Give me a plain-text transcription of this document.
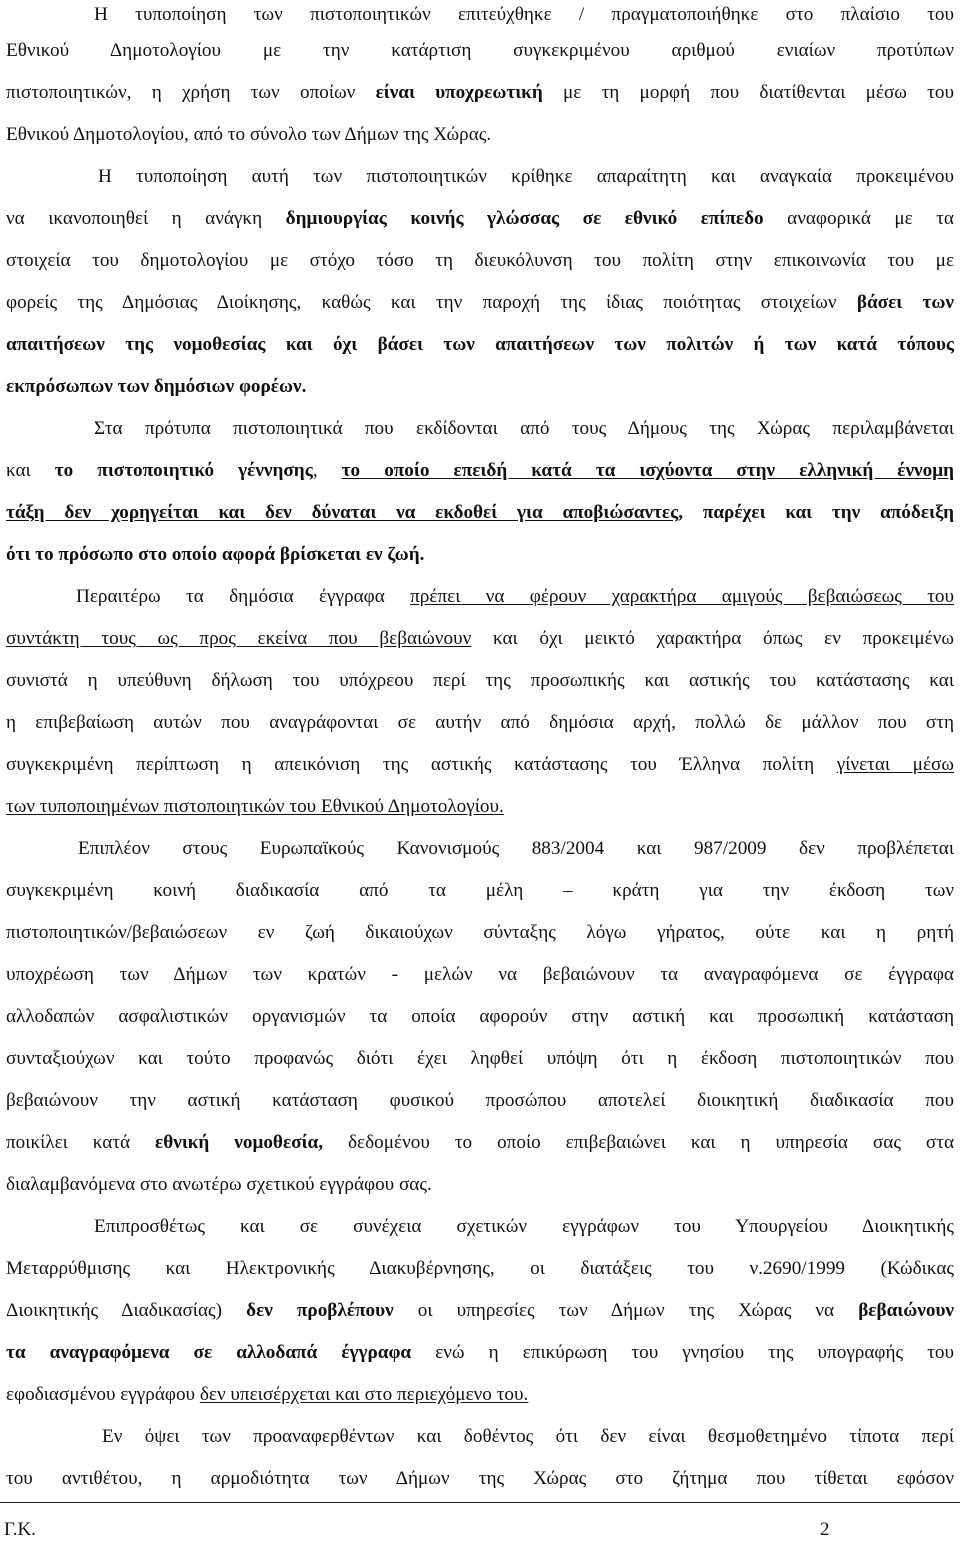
Η τυποποίηση των πιστοποιητικών επιτεύχθηκε / πραγματοποιήθηκε στο πλαίσιο του
Εθνικού Δημοτολογίου με την κατάρτιση συγκεκριμένου αριθμού ενιαίων προτύπων
πιστοποιητικών, η χρήση των οποίων είναι υποχρεωτική με τη μορφή που διατίθενται μέσω του
Εθνικού Δημοτολογίου, από το σύνολο των Δήμων της Χώρας.
Η τυποποίηση αυτή των πιστοποιητικών κρίθηκε απαραίτητη και αναγκαία προκειμένου
να ικανοποιηθεί η ανάγκη δημιουργίας κοινής γλώσσας σε εθνικό επίπεδο αναφορικά με τα
στοιχεία του δημοτολογίου με στόχο τόσο τη διευκόλυνση του πολίτη στην επικοινωνία του με
φορείς της Δημόσιας Διοίκησης, καθώς και την παροχή της ίδιας ποιότητας στοιχείων βάσει των
απαιτήσεων της νομοθεσίας και όχι βάσει των απαιτήσεων των πολιτών ή των κατά τόπους
εκπρόσωπων των δημόσιων φορέων.
Στα πρότυπα πιστοποιητικά που εκδίδονται από τους Δήμους της Χώρας περιλαμβάνεται
και το πιστοποιητικό γέννησης, το οποίο επειδή κατά τα ισχύοντα στην ελληνική έννομη
τάξη δεν χορηγείται και δεν δύναται να εκδοθεί για αποβιώσαντες, παρέχει και την απόδειξη
ότι το πρόσωπο στο οποίο αφορά βρίσκεται εν ζωή.
Περαιτέρω τα δημόσια έγγραφα πρέπει να φέρουν χαρακτήρα αμιγούς βεβαιώσεως του
συντάκτη τους ως προς εκείνα που βεβαιώνουν και όχι μεικτό χαρακτήρα όπως εν προκειμένω
συνιστά η υπεύθυνη δήλωση του υπόχρεου περί της προσωπικής και αστικής του κατάστασης και
η επιβεβαίωση αυτών που αναγράφονται σε αυτήν από δημόσια αρχή, πολλώ δε μάλλον που στη
συγκεκριμένη περίπτωση η απεικόνιση της αστικής κατάστασης του Έλληνα πολίτη γίνεται μέσω
των τυποποιημένων πιστοποιητικών του Εθνικού Δημοτολογίου.
Επιπλέον στους Ευρωπαϊκούς Κανονισμούς 883/2004 και 987/2009 δεν προβλέπεται
συγκεκριμένη κοινή διαδικασία από τα μέλη – κράτη για την έκδοση των
πιστοποιητικών/βεβαιώσεων εν ζωή δικαιούχων σύνταξης λόγω γήρατος, ούτε και η ρητή
υποχρέωση των Δήμων των κρατών - μελών να βεβαιώνουν τα αναγραφόμενα σε έγγραφα
αλλοδαπών ασφαλιστικών οργανισμών τα οποία αφορούν στην αστική και προσωπική κατάσταση
συνταξιούχων και τούτο προφανώς διότι έχει ληφθεί υπόψη ότι η έκδοση πιστοποιητικών που
βεβαιώνουν την αστική κατάσταση φυσικού προσώπου αποτελεί διοικητική διαδικασία που
ποικίλει κατά εθνική νομοθεσία, δεδομένου το οποίο επιβεβαιώνει και η υπηρεσία σας στα
διαλαμβανόμενα στο ανωτέρω σχετικού εγγράφου σας.
Επιπροσθέτως και σε συνέχεια σχετικών εγγράφων του Υπουργείου Διοικητικής
Μεταρρύθμισης και Ηλεκτρονικής Διακυβέρνησης, οι διατάξεις του ν.2690/1999 (Κώδικας
Διοικητικής Διαδικασίας) δεν προβλέπουν οι υπηρεσίες των Δήμων της Χώρας να βεβαιώνουν
τα αναγραφόμενα σε αλλοδαπά έγγραφα ενώ η επικύρωση του γνησίου της υπογραφής του
εφοδιασμένου εγγράφου δεν υπεισέρχεται και στο περιεχόμενο του.
Εν όψει των προαναφερθέντων και δοθέντος ότι δεν είναι θεσμοθετημένο τίποτα περί
του αντιθέτου, η αρμοδιότητα των Δήμων της Χώρας στο ζήτημα που τίθεται εφόσον
Γ.Κ.	2
